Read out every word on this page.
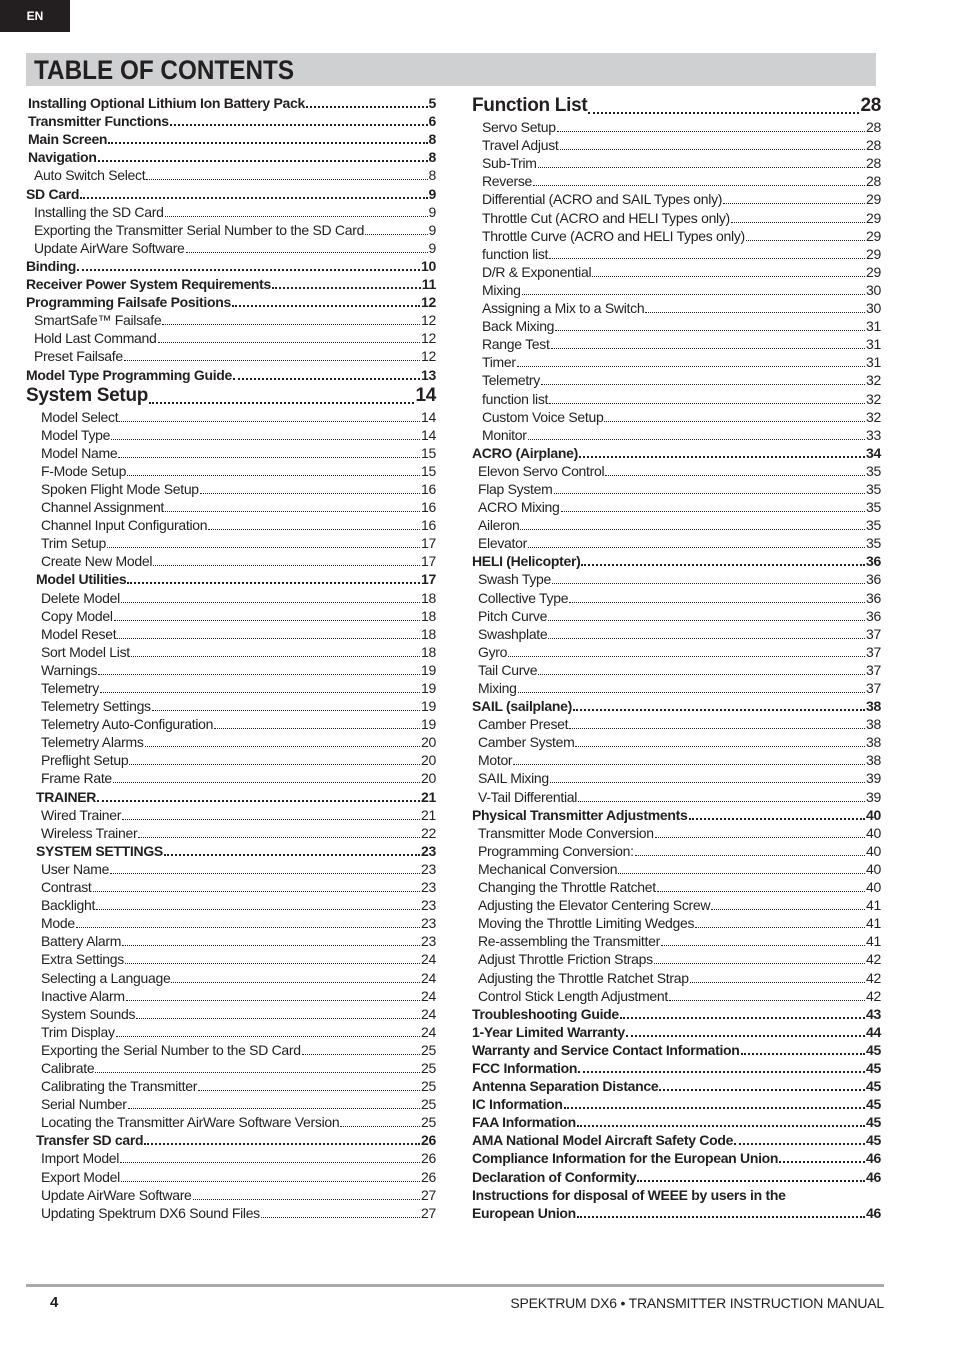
EN
TABLE OF CONTENTS
Installing Optional Lithium Ion Battery Pack	5
Transmitter Functions	6
Main Screen	8
Navigation	8
Auto Switch Select	8
SD Card	9
Installing the SD Card	9
Exporting the Transmitter Serial Number to the SD Card	9
Update AirWare Software	9
Binding	10
Receiver Power System Requirements	11
Programming Failsafe Positions	12
SmartSafe™ Failsafe	12
Hold Last Command	12
Preset Failsafe	12
Model Type Programming Guide	13
System Setup	14
Model Select	14
Model Type	14
Model Name	15
F-Mode Setup	15
Spoken Flight Mode Setup	16
Channel Assignment	16
Channel Input Configuration	16
Trim Setup	17
Create New Model	17
Model Utilities	17
Delete Model	18
Copy Model	18
Model Reset	18
Sort Model List	18
Warnings	19
Telemetry	19
Telemetry Settings	19
Telemetry Auto-Configuration	19
Telemetry Alarms	20
Preflight Setup	20
Frame Rate	20
TRAINER	21
Wired Trainer	21
Wireless Trainer	22
SYSTEM SETTINGS	23
User Name	23
Contrast	23
Backlight	23
Mode	23
Battery Alarm	23
Extra Settings	24
Selecting a Language	24
Inactive Alarm	24
System Sounds	24
Trim Display	24
Exporting the Serial Number to the SD Card	25
Calibrate	25
Calibrating the Transmitter	25
Serial Number	25
Locating the Transmitter AirWare Software Version	25
Transfer SD card	26
Import Model	26
Export Model	26
Update AirWare Software	27
Updating Spektrum DX6 Sound Files	27
Function List	28
Servo Setup	28
Travel Adjust	28
Sub-Trim	28
Reverse	28
Differential (ACRO and SAIL Types only)	29
Throttle Cut (ACRO and HELI Types only)	29
Throttle Curve (ACRO and HELI Types only)	29
function list	29
D/R & Exponential	29
Mixing	30
Assigning a Mix to a Switch	30
Back Mixing	31
Range Test	31
Timer	31
Telemetry	32
function list	32
Custom Voice Setup	32
Monitor	33
ACRO (Airplane)	34
Elevon Servo Control	35
Flap System	35
ACRO Mixing	35
Aileron	35
Elevator	35
HELI (Helicopter)	36
Swash Type	36
Collective Type	36
Pitch Curve	36
Swashplate	37
Gyro	37
Tail Curve	37
Mixing	37
SAIL (sailplane)	38
Camber Preset	38
Camber System	38
Motor	38
SAIL Mixing	39
V-Tail Differential	39
Physical Transmitter Adjustments	40
Transmitter Mode Conversion	40
Programming Conversion:	40
Mechanical Conversion	40
Changing the Throttle Ratchet	40
Adjusting the Elevator Centering Screw	41
Moving the Throttle Limiting Wedges	41
Re-assembling the Transmitter	41
Adjust Throttle Friction Straps	42
Adjusting the Throttle Ratchet Strap	42
Control Stick Length Adjustment	42
Troubleshooting Guide	43
1-Year Limited Warranty	44
Warranty and Service Contact Information	45
FCC Information	45
Antenna Separation Distance	45
IC Information	45
FAA Information	45
AMA National Model Aircraft Safety Code	45
Compliance Information for the European Union	46
Declaration of Conformity	46
Instructions for disposal of WEEE by users in the
European Union	46
4	SPEKTRUM DX6 • TRANSMITTER INSTRUCTION MANUAL
